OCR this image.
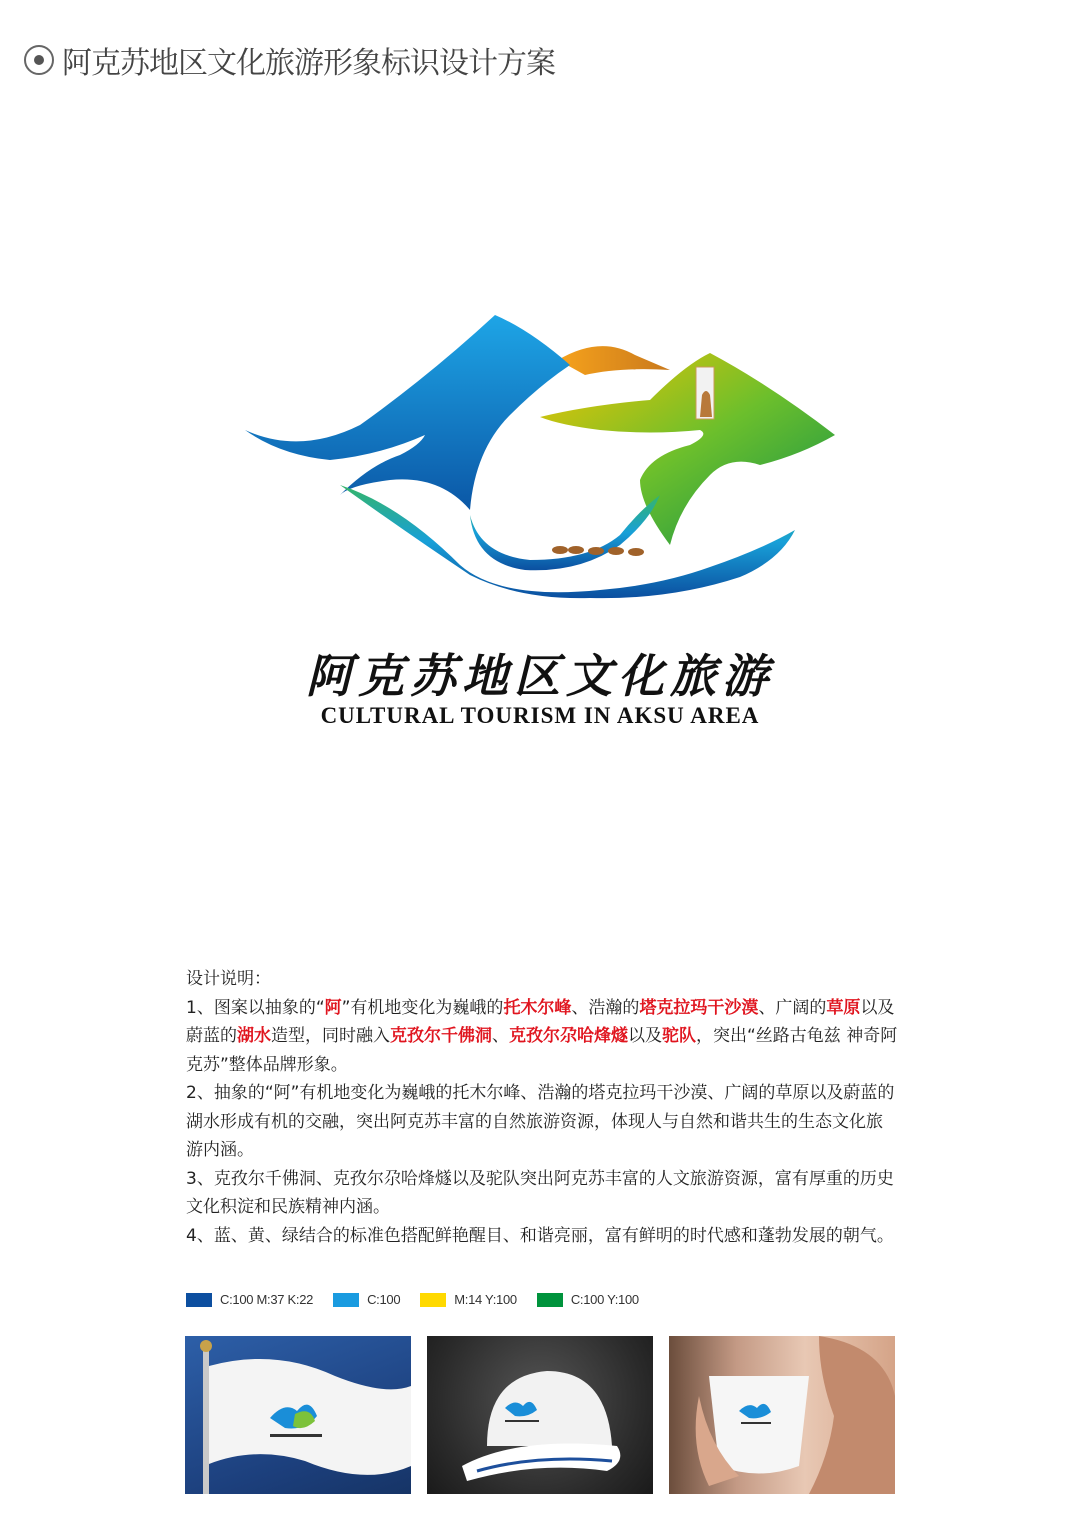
阿克苏地区文化旅游形象标识设计方案
阿克苏地区文化旅游
CULTURAL TOURISM IN AKSU AREA

设计说明：

1、图案以抽象的“阿”有机地变化为巍峨的托木尔峰、浩瀚的塔克拉玛干沙漠、广阔的草原以及蔚蓝的湖水造型，同时融入克孜尔千佛洞、克孜尔尕哈烽燧以及驼队，突出“丝路古龟兹 神奇阿克苏”整体品牌形象。

2、抽象的“阿”有机地变化为巍峨的托木尔峰、浩瀚的塔克拉玛干沙漠、广阔的草原以及蔚蓝的湖水形成有机的交融，突出阿克苏丰富的自然旅游资源，体现人与自然和谐共生的生态文化旅游内涵。

3、克孜尔千佛洞、克孜尔尕哈烽燧以及驼队突出阿克苏丰富的人文旅游资源，富有厚重的历史文化积淀和民族精神内涵。

4、蓝、黄、绿结合的标准色搭配鲜艳醒目、和谐亮丽，富有鲜明的时代感和蓬勃发展的朝气。

C:100 M:37 K:22	C:100	M:14 Y:100	C:100 Y:100
